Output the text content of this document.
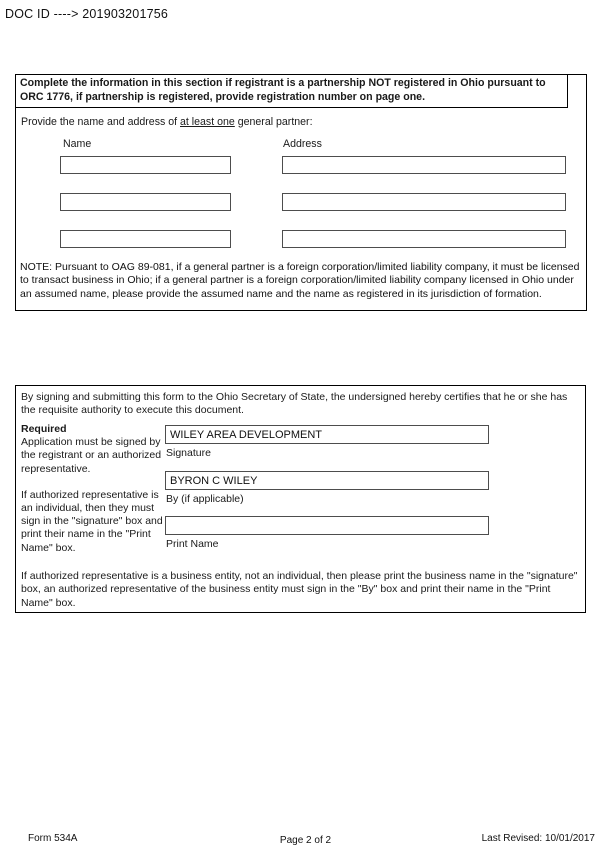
DOC ID ----> 201903201756
Complete the information in this section if registrant is a partnership NOT registered in Ohio pursuant to ORC 1776, if partnership is registered, provide registration number on page one.
Provide the name and address of at least one general partner:
Name	Address
NOTE: Pursuant to OAG 89-081, if a general partner is a foreign corporation/limited liability company, it must be licensed to transact business in Ohio; if a general partner is a foreign corporation/limited liability company licensed in Ohio under an assumed name, please provide the assumed name and the name as registered in its jurisdiction of formation.
By signing and submitting this form to the Ohio Secretary of State, the undersigned hereby certifies that he or she has the requisite authority to execute this document.

Required
Application must be signed by the registrant or an authorized representative.

If authorized representative is an individual, then they must sign in the "signature" box and print their name in the "Print Name" box.

WILEY AREA DEVELOPMENT
Signature
BYRON C WILEY
By (if applicable)
Print Name
If authorized representative is a business entity, not an individual, then please print the business name in the "signature" box, an authorized representative of the business entity must sign in the "By" box and print their name in the "Print Name" box.
Form 534A	Page 2 of 2	Last Revised: 10/01/2017
